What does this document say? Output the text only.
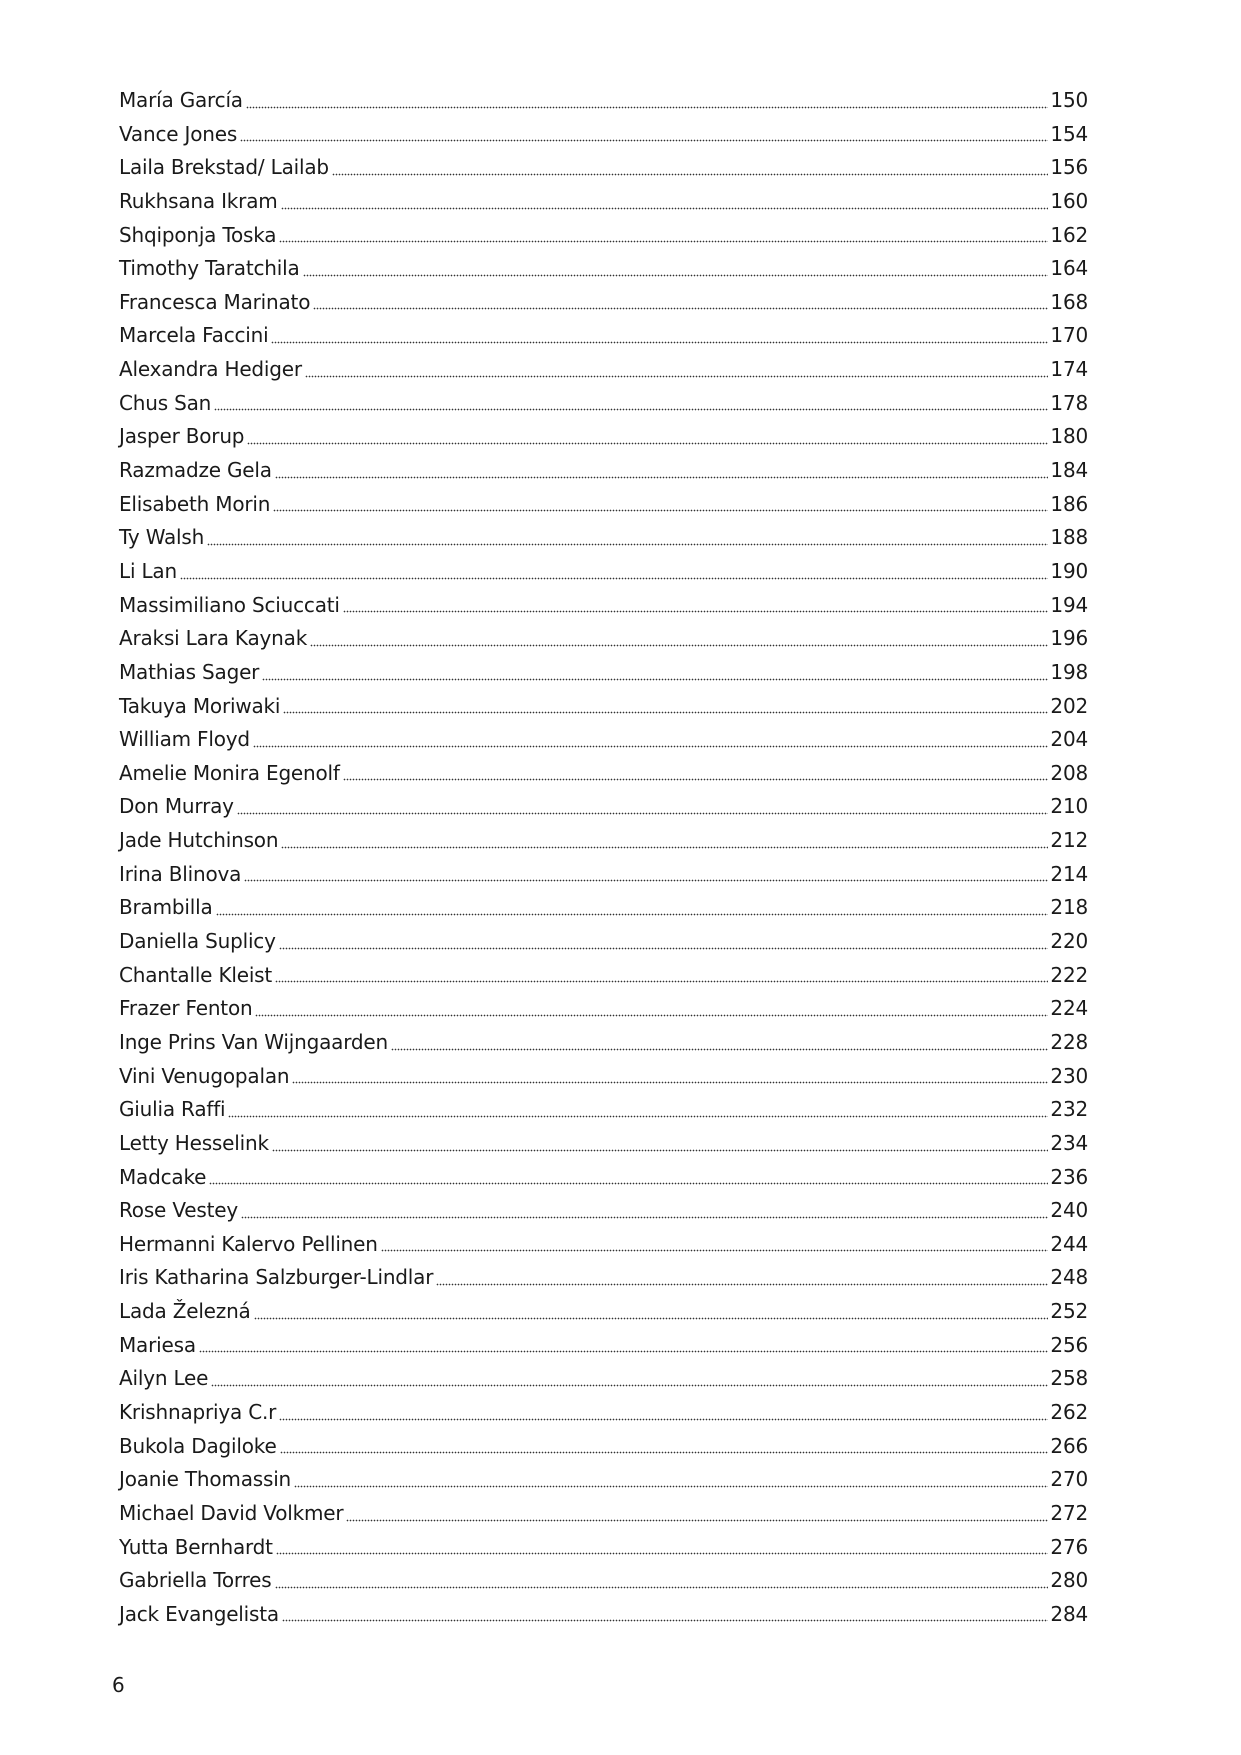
María García	150
Vance Jones	154
Laila Brekstad/ Lailab	156
Rukhsana Ikram	160
Shqiponja Toska	162
Timothy Taratchila	164
Francesca Marinato	168
Marcela Faccini	170
Alexandra Hediger	174
Chus San	178
Jasper Borup	180
Razmadze Gela	184
Elisabeth Morin	186
Ty Walsh	188
Li Lan	190
Massimiliano Sciuccati	194
Araksi Lara Kaynak	196
Mathias Sager	198
Takuya Moriwaki	202
William Floyd	204
Amelie Monira Egenolf	208
Don Murray	210
Jade Hutchinson	212
Irina Blinova	214
Brambilla	218
Daniella Suplicy	220
Chantalle Kleist	222
Frazer Fenton	224
Inge Prins Van Wijngaarden	228
Vini Venugopalan	230
Giulia Raffi	232
Letty Hesselink	234
Madcake	236
Rose Vestey	240
Hermanni Kalervo Pellinen	244
Iris Katharina Salzburger-Lindlar	248
Lada Železná	252
Mariesa	256
Ailyn Lee	258
Krishnapriya C.r	262
Bukola Dagiloke	266
Joanie Thomassin	270
Michael David Volkmer	272
Yutta Bernhardt	276
Gabriella Torres	280
Jack Evangelista	284
6
